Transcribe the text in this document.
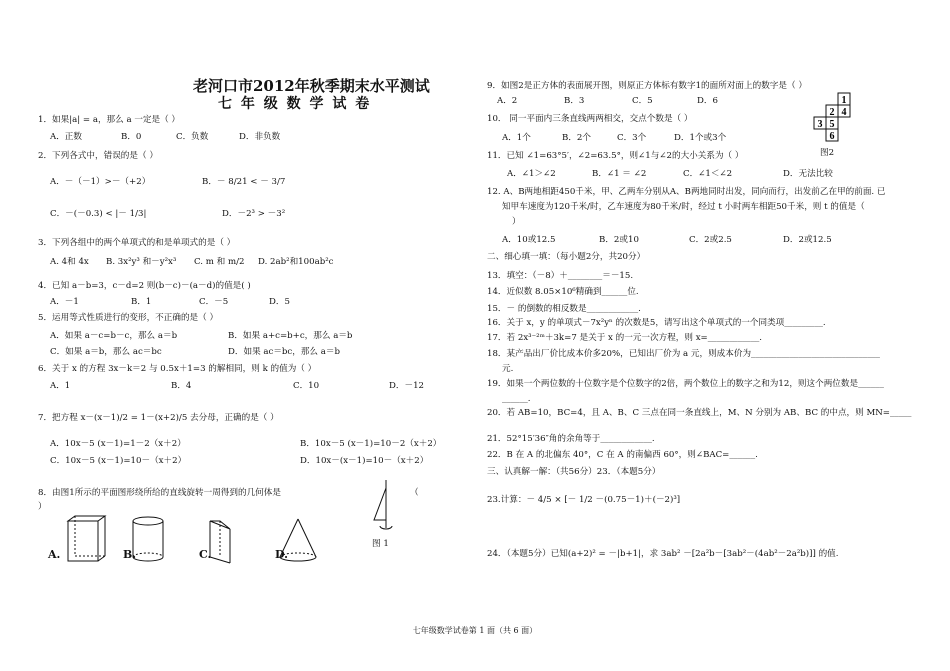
老河口市2012年秋季期末水平测试
七 年 级 数 学 试 卷
1．如果|a| = a，那么 a 一定是（ ）
A．正数	B．0	C．负数	D．非负数
2．下列各式中，错误的是（ ）
A．－（－1）>－（+2）	B．－ 8/21 < － 3/7
C．－(－0.3) < |－ 1/3|	D．－2³ > －3²
3．下列各组中的两个单项式的和是单项式的是（ ）
A. 4和 4x B. 3x²y³ 和－y²x³ C. m 和 m/2 D. 2ab²和100ab²c
4．已知 a－b=3，c－d=2 则(b－c)－(a－d)的值是( )
A．－1	B．1	C．－5	D．5
5．运用等式性质进行的变形，不正确的是（ ）
A．如果 a－c=b－c，那么 a＝b	B．如果 a+c=b+c，那么 a＝b
C．如果 a＝b，那么 ac＝bc	D．如果 ac＝bc，那么 a＝b
6．关于 x 的方程 3x－k＝2 与 0.5x＋1=3 的解相同，则 k 的值为（ ）
A．1	B．4	C．10	D．－12
7．把方程 x－(x－1)/2 = 1－(x+2)/5 去分母，正确的是（ ）
A．10x－5 (x－1)=1－2（x＋2）	B．10x－5 (x－1)=10－2（x＋2）
C．10x－5 (x－1)=10－（x＋2）	D．10x－(x－1)=10－（x＋2）
8．由图1所示的平面图形绕所给的直线旋转一周得到的几何体是	（
）
A.	B.	C.	D.
图 1
9．如图2是正方体的表面展开图，则原正方体标有数字1的面所对面上的数字是（ ）
A．2	B．3	C．5	D．6
10． 同一平面内三条直线两两相交，交点个数是（ ）
A．1个	B．2个	C．3个	D．1个或3个
1
2 4
3 5
6
图2
11．已知 ∠1=63°5′，∠2=63.5°，则∠1与∠2的大小关系为（ ）
A．∠1＞∠2	B．∠1 ＝ ∠2	C．∠1＜∠2	D．无法比较
12. A、B两地相距450千米，甲、乙两车分别从A、B两地同时出发，同向而行，出发前乙在甲的前面. 已
知甲车速度为120千米/时，乙车速度为80千米/时，经过 t 小时两车相距50千米，则 t 的值是（
）
A．10或12.5	B．2或10	C．2或2.5	D．2或12.5
二、细心填一填：（每小题2分，共20分）
13．填空：（－8）＋________＝－15.
14．近似数 8.05×10⁶精确到______位.
15．－ 的倒数的相反数是____________.
16．关于 x，y 的单项式－7x²yⁿ 的次数是5，请写出这个单项式的一个同类项_________.
17．若 2x³⁻²ᵐ＋3k=7 是关于 x 的一元一次方程，则 x=____________.
18．某产品出厂价比成本价多20%，已知出厂价为 a 元，则成本价为______________________________
元.
19．如果一个两位数的十位数字是个位数字的2倍，两个数位上的数字之和为12，则这个两位数是______
______.
20．若 AB=10，BC=4，且 A、B、C 三点在同一条直线上，M、N 分别为 AB、BC 的中点，则 MN=_____
21．52°15′36″角的余角等于____________.
22．B 在 A 的北偏东 40°，C 在 A 的南偏西 60°，则∠BAC=______.
三、认真解一解：（共56分）23．（本题5分）
23.计算：－ 4/5 × [－ 1/2 －(0.75－1)＋(－2)³]
24．（本题5分）已知(a+2)² = －|b+1|，求 3ab² －[2a²b－[3ab²－(4ab²－2a²b)]] 的值.
七年级数学试卷第 1 面（共 6 面）
